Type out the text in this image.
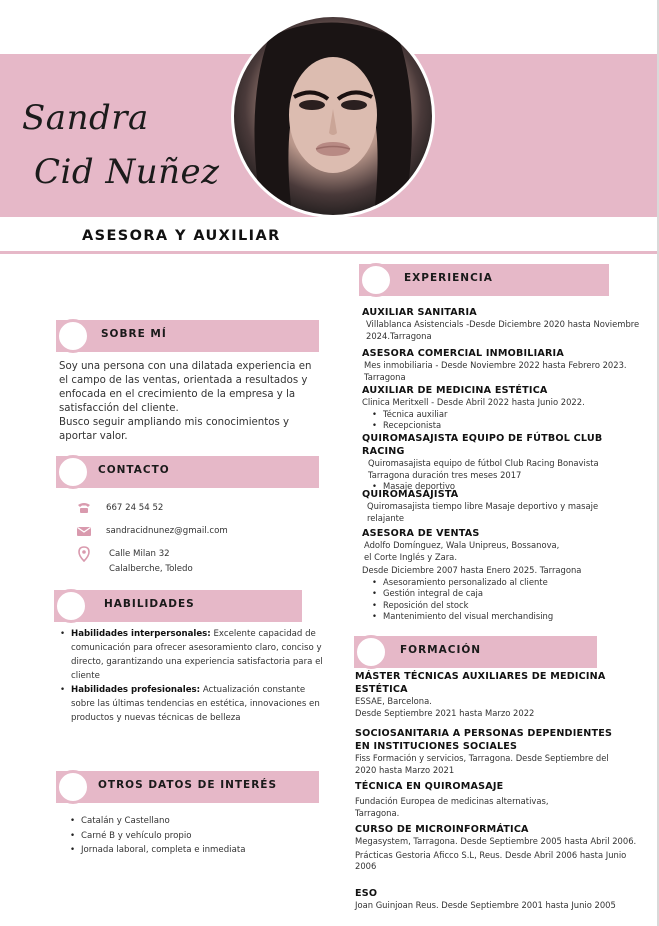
Sandra
Cid Nuñez
ASESORA Y AUXILIAR
SOBRE MÍ
Soy una persona con una dilatada experiencia en el campo de las ventas, orientada a resultados y enfocada en el crecimiento de la empresa y la satisfacción del cliente.
Busco seguir ampliando mis conocimientos y aportar valor.
CONTACTO
667 24 54 52
sandracidnunez@gmail.com
Calle Milan 32
Calalberche, Toledo
HABILIDADES
• Habilidades interpersonales: Excelente capacidad de comunicación para ofrecer asesoramiento claro, conciso y directo, garantizando una experiencia satisfactoria para el cliente
• Habilidades profesionales: Actualización constante sobre las últimas tendencias en estética, innovaciones en productos y nuevas técnicas de belleza
OTROS DATOS DE INTERÉS
• Catalán y Castellano
• Carné B y vehículo propio
• Jornada laboral, completa e inmediata
EXPERIENCIA
AUXILIAR SANITARIA
Villablanca Asistencials -Desde Diciembre 2020 hasta Noviembre 2024.Tarragona
ASESORA COMERCIAL INMOBILIARIA
Mes inmobiliaria - Desde Noviembre 2022 hasta Febrero 2023. Tarragona
AUXILIAR DE MEDICINA ESTÉTICA
Clinica Meritxell - Desde Abril 2022 hasta Junio 2022.
• Técnica auxiliar
• Recepcionista
QUIROMASAJISTA EQUIPO DE FÚTBOL CLUB RACING
Quiromasajista equipo de fútbol Club Racing Bonavista Tarragona duración tres meses 2017
• Masaje deportivo
QUIROMASAJISTA
Quiromasajista tiempo libre Masaje deportivo y masaje relajante
ASESORA DE VENTAS
Adolfo Domínguez, Wala Unipreus, Bossanova, el Corte Inglés y Zara.
Desde Diciembre 2007 hasta Enero 2025. Tarragona
• Asesoramiento personalizado al cliente
• Gestión integral de caja
• Reposición del stock
• Mantenimiento del visual merchandising
FORMACIÓN
MÁSTER TÉCNICAS AUXILIARES DE MEDICINA ESTÉTICA
ESSAE, Barcelona.
Desde Septiembre 2021 hasta Marzo 2022
SOCIOSANITARIA A PERSONAS DEPENDIENTES EN INSTITUCIONES SOCIALES
Fiss Formación y servicios, Tarragona. Desde Septiembre del 2020 hasta Marzo 2021
TÉCNICA EN QUIROMASAJE
Fundación Europea de medicinas alternativas, Tarragona.
CURSO DE MICROINFORMÁTICA
Megasystem, Tarragona. Desde Septiembre 2005 hasta Abril 2006.
Prácticas Gestoria Aficco S.L, Reus. Desde Abril 2006 hasta Junio 2006
ESO
Joan Guinjoan Reus. Desde Septiembre 2001 hasta Junio 2005
